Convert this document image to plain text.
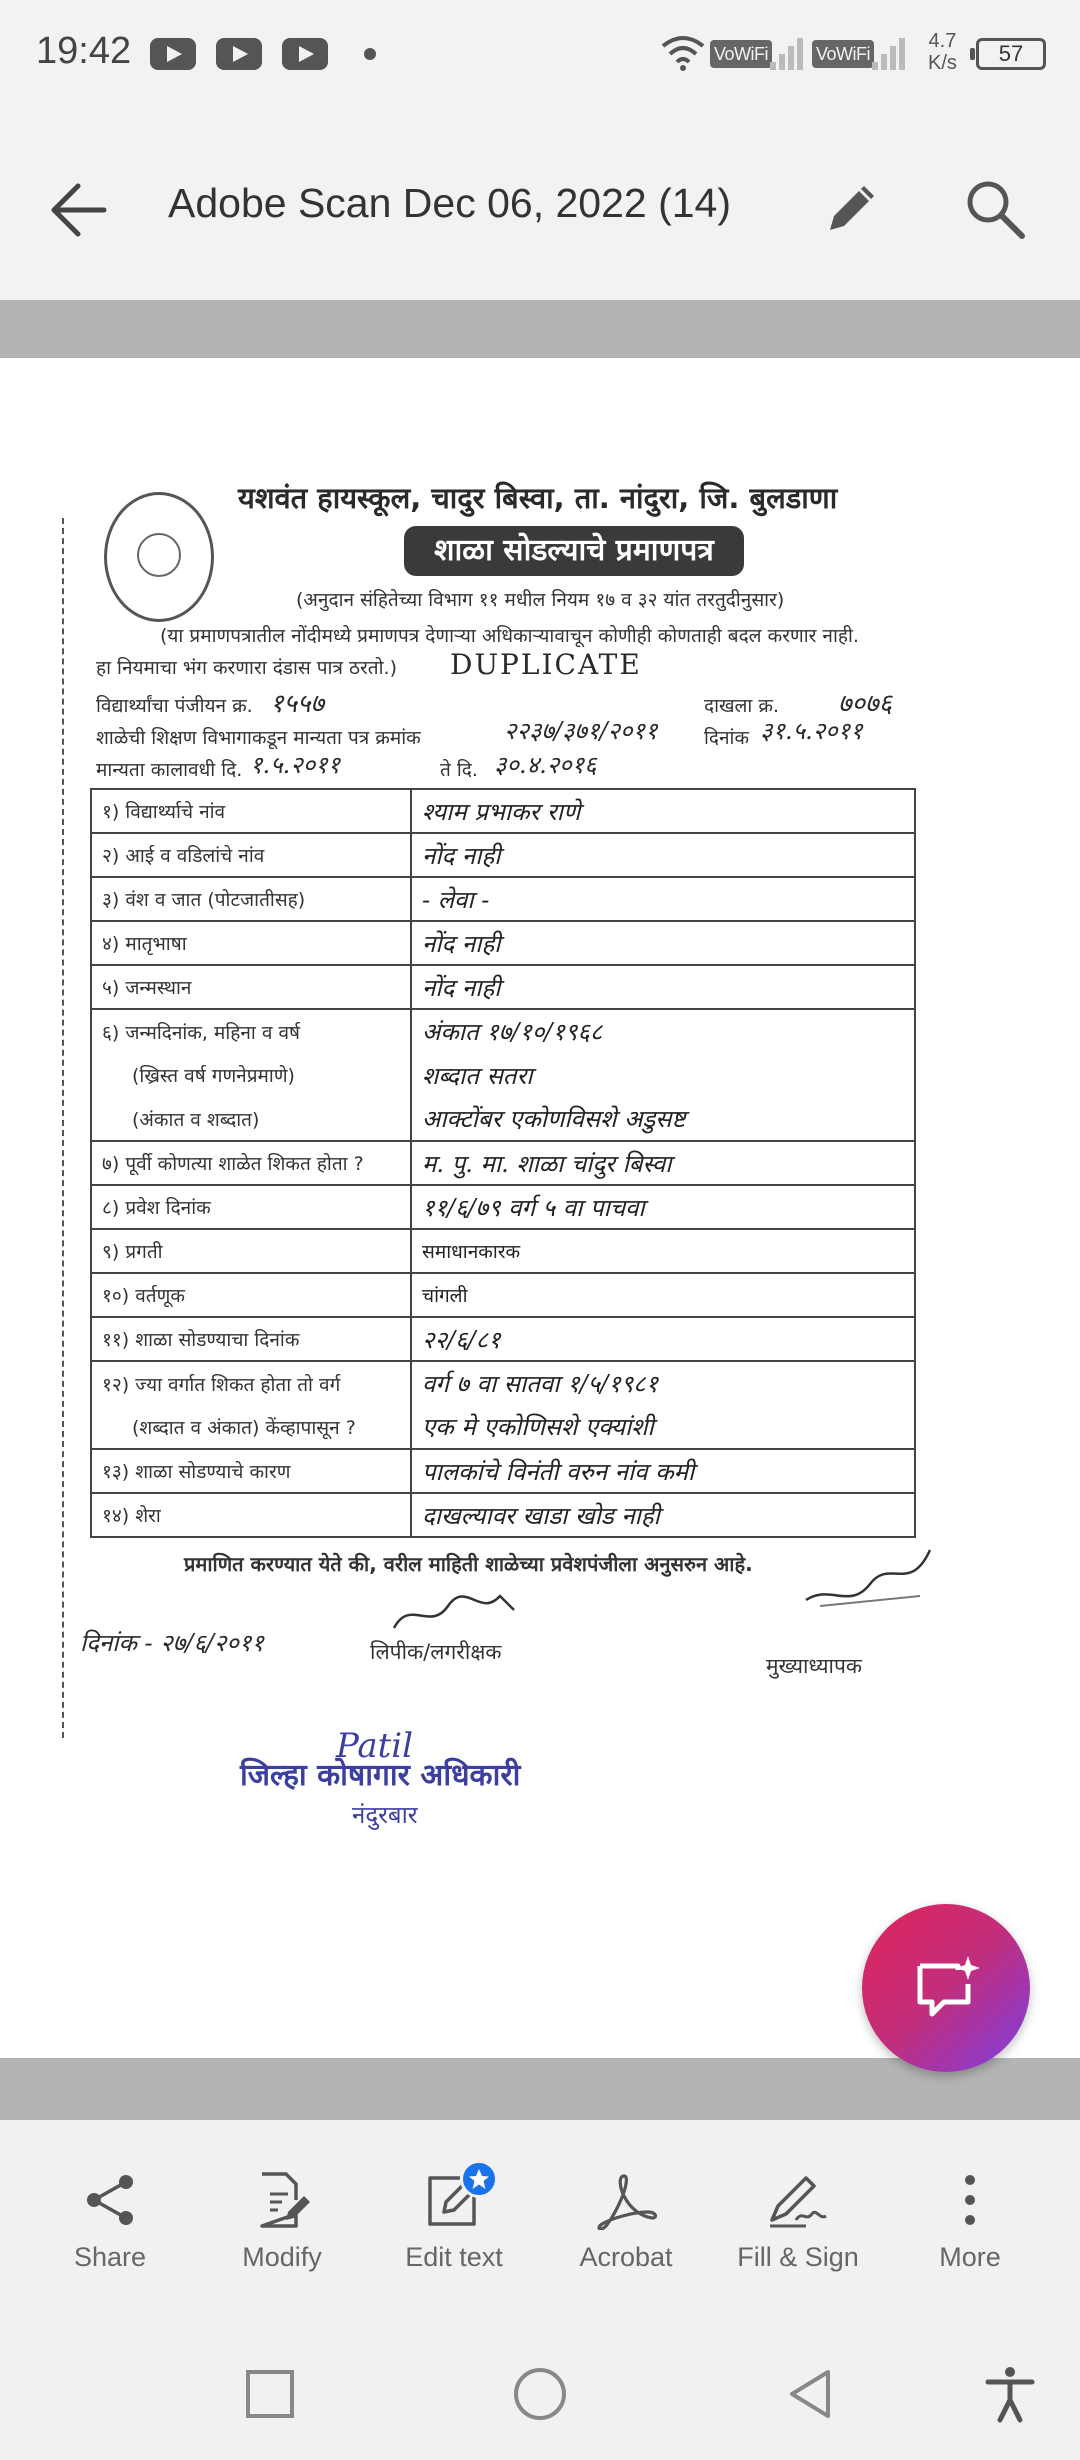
19:42	VoWiFi	VoWiFi
4.7
K/s	57
Adobe Scan Dec 06, 2022 (14)
यशवंत हायस्कूल, चादुर बिस्वा, ता. नांदुरा, जि. बुलडाणा
शाळा सोडल्याचे प्रमाणपत्र
(अनुदान संहितेच्या विभाग ११ मधील नियम १७ व ३२ यांत तरतुदीनुसार)
(या प्रमाणपत्रातील नोंदीमध्ये प्रमाणपत्र देणाऱ्या अधिकाऱ्यावाचून कोणीही कोणताही बदल करणार नाही.
हा नियमाचा भंग करणारा दंडास पात्र ठरतो.) DUPLICATE
विद्यार्थ्यांचा पंजीयन क्र. १५५७	दाखला क्र. ७०७६
शाळेची शिक्षण विभागाकडून मान्यता पत्र क्रमांक	२२३७/३७१/२०११ दिनांक ३१.५.२०११
मान्यता कालावधी दि. १.५.२०११	ते दि. ३०.४.२०१६
१) विद्यार्थ्याचे नांव	श्याम प्रभाकर राणे
२) आई व वडिलांचे नांव	नोंद नाही
३) वंश व जात (पोटजातीसह)	- लेवा -
४) मातृभाषा	नोंद नाही
५) जन्मस्थान	नोंद नाही
६) जन्मदिनांक, महिना व वर्ष	अंकात १७/१०/१९६८
(ख्रिस्त वर्ष गणनेप्रमाणे)	शब्दात सतरा
(अंकात व शब्दात)	आक्टोंबर एकोणविसशे अडुसष्ट
७) पूर्वी कोणत्या शाळेत शिकत होता ?	म. पु. मा. शाळा चांदुर बिस्वा
८) प्रवेश दिनांक	११/६/७९ वर्ग ५ वा पाचवा
९) प्रगती	समाधानकारक
१०) वर्तणूक	चांगली
११) शाळा सोडण्याचा दिनांक	२२/६/८१
१२) ज्या वर्गात शिकत होता तो वर्ग	वर्ग ७ वा सातवा १/५/१९८१
(शब्दात व अंकात) केंव्हापासून ?	एक मे एकोणिसशे एक्यांशी
१३) शाळा सोडण्याचे कारण	पालकांचे विनंती वरुन नांव कमी
१४) शेरा	दाखल्यावर खाडा खोड नाही
प्रमाणित करण्यात येते की, वरील माहिती शाळेच्या प्रवेशपंजीला अनुसरुन आहे.
दिनांक - २७/६/२०११	लिपीक/लगरीक्षक
मुख्याध्यापक
Patil
जिल्हा कोषागार अधिकारी
नंदुरबार
Share	Modify	Edit text	Acrobat	Fill & Sign	More
